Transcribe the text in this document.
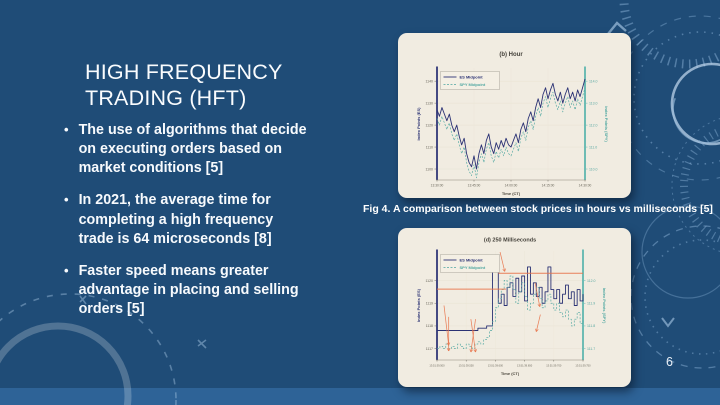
HIGH FREQUENCY
TRADING (HFT)
• The use of algorithms that decide on executing orders based on market conditions [5]
• In 2021, the average time for completing a high frequency trade is 64 microseconds [8]
• Faster speed means greater advantage in placing and selling orders [5]
1100
1110
1120
1130
1140
110.0
111.0
112.0
113.0
114.0
13:30:00	13:45:00	14:00:00	14:15:00	14:30:00
Time (CT)
Index Points (ES)	Index Points (SPY)
(b) Hour
ES Midpoint
SPY Midpoint
Fig 4. A comparison between stock prices in hours vs milliseconds [5]
1117
1118
1119
1120
111.7
111.8
111.9
112.0
13:51:39.500	13:51:39.550	13:51:39.600	13:51:39.650	13:51:39.700	13:51:39.750
Time (CT)
Index Points (ES)	Index Points (SPY)
(d) 250 Milliseconds
ES Midpoint
SPY Midpoint
6
